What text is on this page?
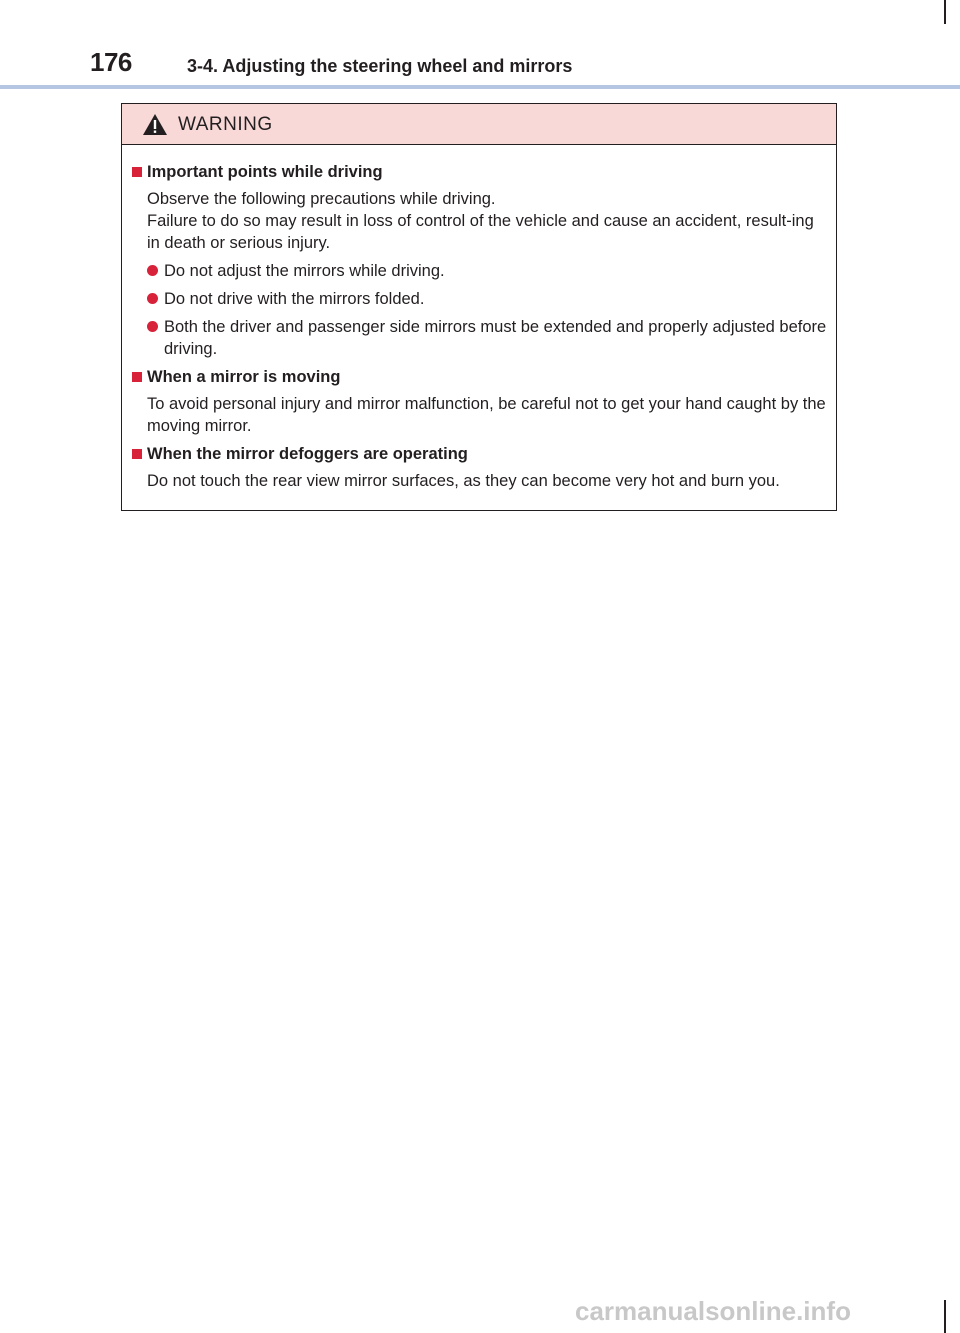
176	3-4. Adjusting the steering wheel and mirrors
WARNING
Important points while driving
Observe the following precautions while driving.
Failure to do so may result in loss of control of the vehicle and cause an accident, result-ing in death or serious injury.
Do not adjust the mirrors while driving.
Do not drive with the mirrors folded.
Both the driver and passenger side mirrors must be extended and properly adjusted before driving.
When a mirror is moving
To avoid personal injury and mirror malfunction, be careful not to get your hand caught by the moving mirror.
When the mirror defoggers are operating
Do not touch the rear view mirror surfaces, as they can become very hot and burn you.
carmanualsonline.info
